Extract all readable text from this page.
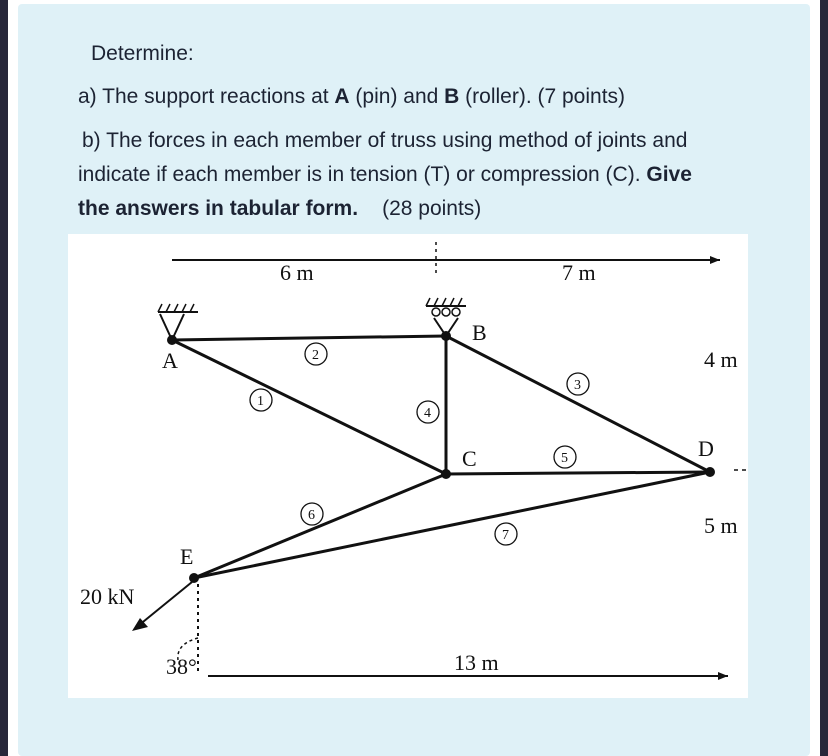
Determine:
a) The support reactions at A (pin) and B (roller). (7 points)
b) The forces in each member of truss using method of joints and
indicate if each member is in tension (T) or compression (C). Give
the answers in tabular form. (28 points)
6 m	7 m
4 m
5 m
A
B
C	D
E
1
2
3
4
5
6
7
20 kN
38°	13 m
